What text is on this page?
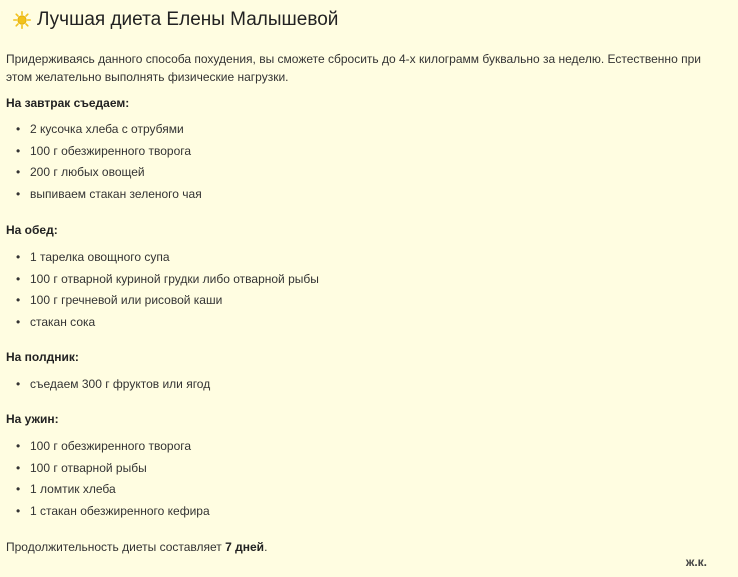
Лучшая диета Елены Малышевой
Придерживаясь данного способа похудения, вы сможете сбросить до 4-х килограмм буквально за неделю. Естественно при этом желательно выполнять физические нагрузки.
На завтрак съедаем:
• 2 кусочка хлеба с отрубями
• 100 г обезжиренного творога
• 200 г любых овощей
• выпиваем стакан зеленого чая
На обед:
• 1 тарелка овощного супа
• 100 г отварной куриной грудки либо отварной рыбы
• 100 г гречневой или рисовой каши
• стакан сока
На полдник:
• съедаем 300 г фруктов или ягод
На ужин:
• 100 г обезжиренного творога
• 100 г отварной рыбы
• 1 ломтик хлеба
• 1 стакан обезжиренного кефира
Продолжительность диеты составляет 7 дней.
ж.к.
